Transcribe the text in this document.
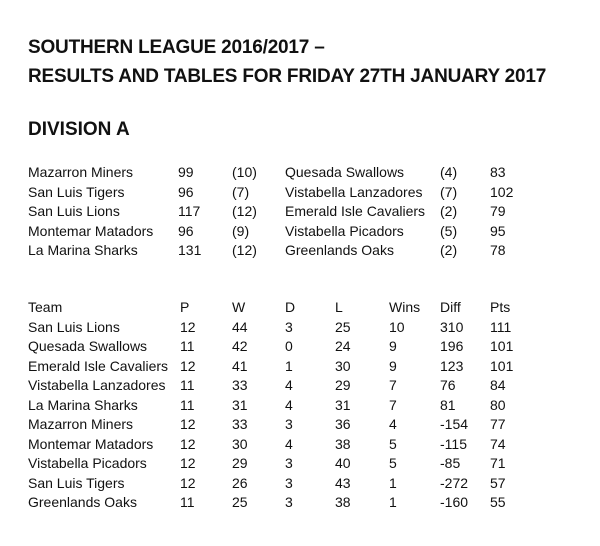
SOUTHERN LEAGUE 2016/2017 –
RESULTS AND TABLES FOR FRIDAY 27TH JANUARY 2017
DIVISION A
Mazarron Miners	99	(10) Quesada Swallows	(4) 83
San Luis Tigers	96	(7)	Vistabella Lanzadores (7) 102
San Luis Lions	117 (12) Emerald Isle Cavaliers (2) 79
Montemar Matadors 96	(9)	Vistabella Picadors	(5) 95
La Marina Sharks	131 (12) Greenlands Oaks	(2) 78
Team	P	W	D	L	Wins Diff Pts
San Luis Lions	12	44	3	25	10	310 111
Quesada Swallows 11	42	0	24	9	196 101
Emerald Isle Cavaliers 12	41	1	30	9	123 101
Vistabella Lanzadores 11	33	4	29	7	76 84
La Marina Sharks	11	31	4	31	7	81 80
Mazarron Miners	12	33	3	36	4	-154 77
Montemar Matadors 12	30	4	38	5	-115 74
Vistabella Picadors 12	29	3	40	5	-85 71
San Luis Tigers	12	26	3	43	1	-272 57
Greenlands Oaks	11	25	3	38	1	-160 55
